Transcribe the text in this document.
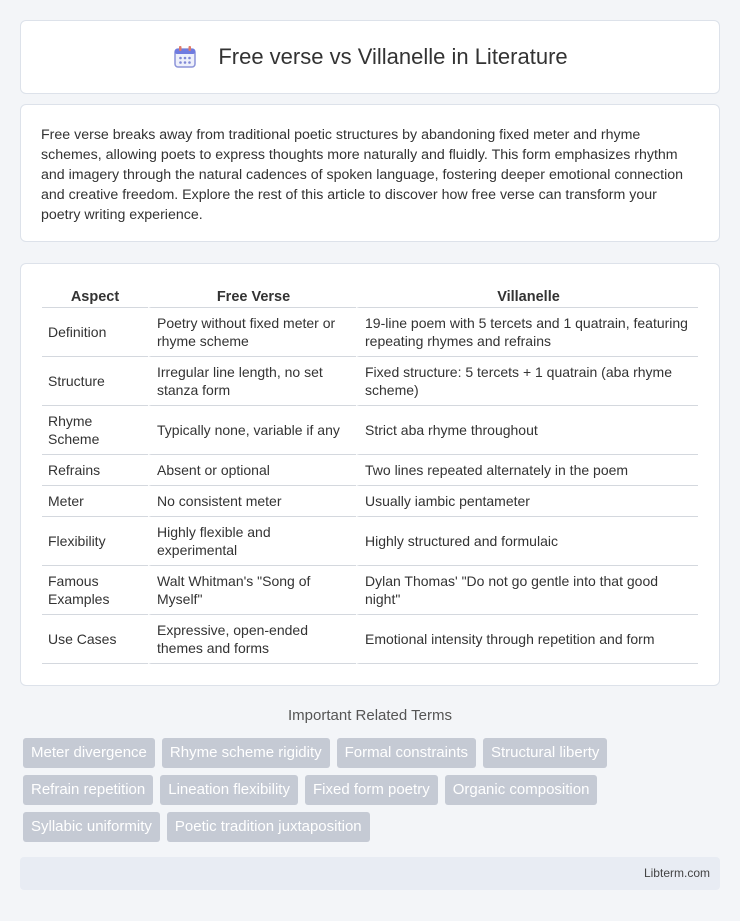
Free verse vs Villanelle in Literature

Free verse breaks away from traditional poetic structures by abandoning fixed meter and rhyme schemes, allowing poets to express thoughts more naturally and fluidly. This form emphasizes rhythm and imagery through the natural cadences of spoken language, fostering deeper emotional connection and creative freedom. Explore the rest of this article to discover how free verse can transform your poetry writing experience.

Aspect	Free Verse	Villanelle
Definition	Poetry without fixed meter or rhyme scheme	19-line poem with 5 tercets and 1 quatrain, featuring repeating rhymes and refrains
Structure	Irregular line length, no set stanza form	Fixed structure: 5 tercets + 1 quatrain (aba rhyme scheme)
Rhyme Scheme	Typically none, variable if any	Strict aba rhyme throughout
Refrains	Absent or optional	Two lines repeated alternately in the poem
Meter	No consistent meter	Usually iambic pentameter
Flexibility	Highly flexible and experimental	Highly structured and formulaic
Famous Examples	Walt Whitman's "Song of Myself"	Dylan Thomas' "Do not go gentle into that good night"
Use Cases	Expressive, open-ended themes and forms	Emotional intensity through repetition and form
Important Related Terms
Meter divergence	Rhyme scheme rigidity	Formal constraints	Structural liberty
Refrain repetition	Lineation flexibility	Fixed form poetry	Organic composition
Syllabic uniformity	Poetic tradition juxtaposition
Libterm.com
